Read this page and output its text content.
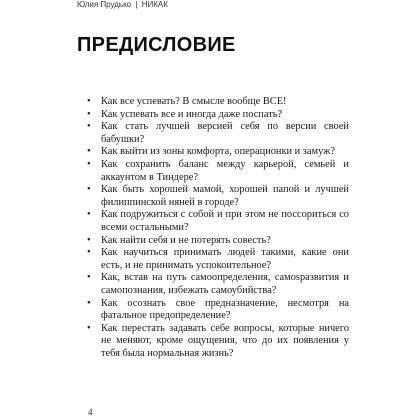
Юлия Прудько | НИКАК
ПРЕДИСЛОВИЕ
• Как все успевать? В смысле вообще ВСЕ!
• Как успевать все и иногда даже поспать?
• Как стать лучшей версией себя по версии своей бабушки?
• Как выйти из зоны комфорта, операционки и замуж?
• Как сохранить баланс между карьерой, семьей и аккаунтом в Тиндере?
• Как быть хорошей мамой, хорошей папой и лучшей филиппинской няней в городе?
• Как подружиться с собой и при этом не поссориться со всеми остальными?
• Как найти себя и не потерять совесть?
• Как научиться принимать людей такими, какие они есть, и не принимать успокоительное?
• Как, встав на путь самоопределения, самоѕразвития и самопознания, избежать самоубийства?
• Как осознать свое предназначение, несмотря на фатальное предопределение?
• Как перестать задавать себе вопросы, которые ничего не меняют, кроме ощущения, что до их появления у тебя была нормальная жизнь?
4
